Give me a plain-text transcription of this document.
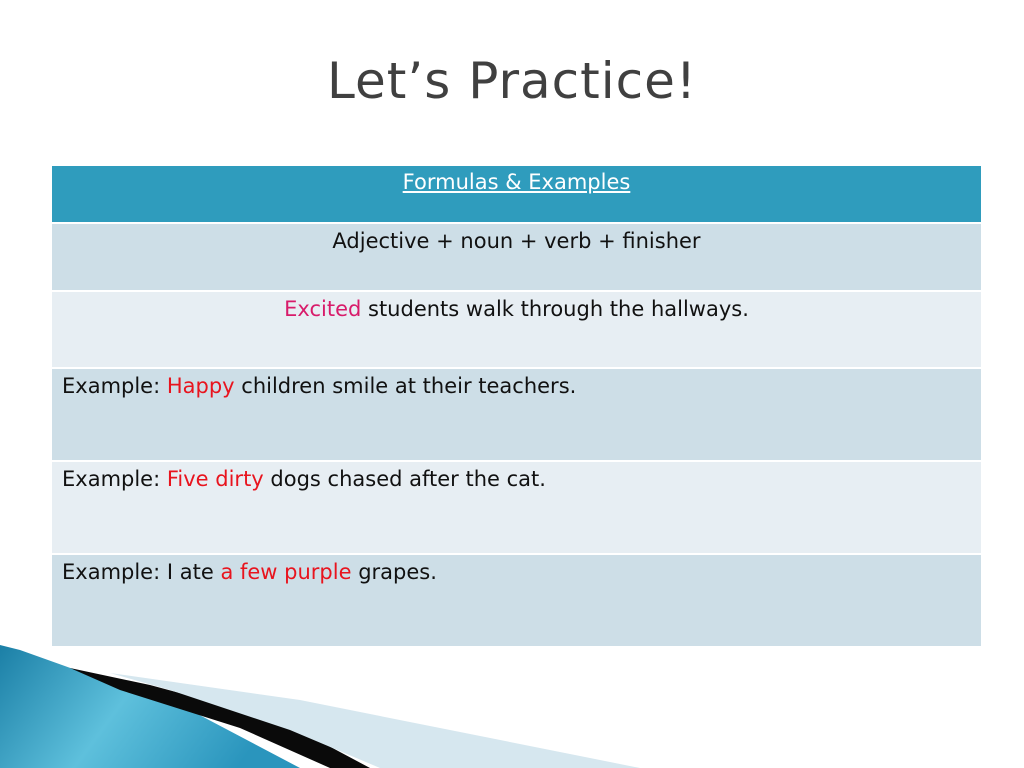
Let’s Practice!
Formulas & Examples
Adjective + noun + verb + finisher
Excited students walk through the hallways.
Example: Happy children smile at their teachers.
Example: Five dirty dogs chased after the cat.
Example: I ate a few purple grapes.
